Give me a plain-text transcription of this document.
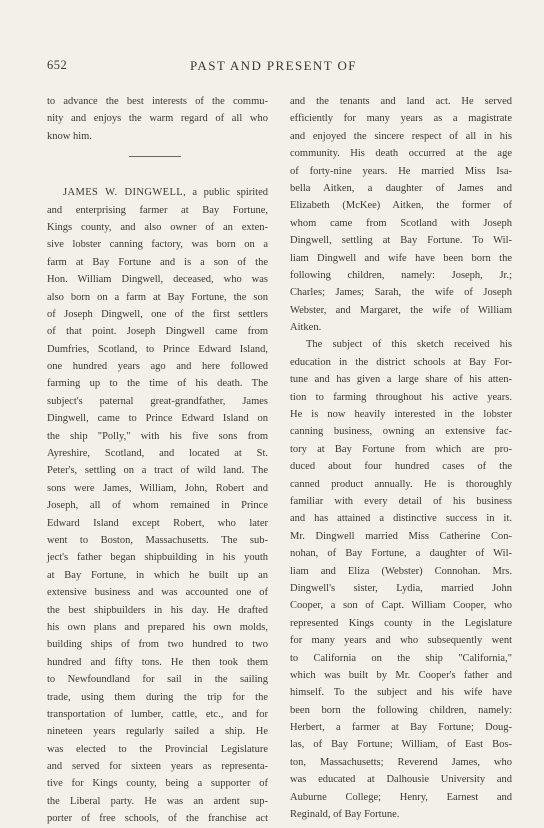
652	PAST AND PRESENT OF
to advance the best interests of the commu-
nity and enjoys the warm regard of all who
know him.
JAMES W. DINGWELL, a public spirited
and enterprising farmer at Bay Fortune,
Kings county, and also owner of an exten-
sive lobster canning factory, was born on a
farm at Bay Fortune and is a son of the
Hon. William Dingwell, deceased, who was
also born on a farm at Bay Fortune, the son
of Joseph Dingwell, one of the first settlers
of that point. Joseph Dingwell came from
Dumfries, Scotland, to Prince Edward Island,
one hundred years ago and here followed
farming up to the time of his death. The
subject's paternal great-grandfather, James
Dingwell, came to Prince Edward Island on
the ship "Polly," with his five sons from
Ayreshire, Scotland, and located at St.
Peter's, settling on a tract of wild land. The
sons were James, William, John, Robert and
Joseph, all of whom remained in Prince
Edward Island except Robert, who later
went to Boston, Massachusetts. The sub-
ject's father began shipbuilding in his youth
at Bay Fortune, in which he built up an
extensive business and was accounted one of
the best shipbuilders in his day. He drafted
his own plans and prepared his own molds,
building ships of from two hundred to two
hundred and fifty tons. He then took them
to Newfoundland for sail in the sailing
trade, using them during the trip for the
transportation of lumber, cattle, etc., and for
nineteen years regularly sailed a ship. He
was elected to the Provincial Legislature
and served for sixteen years as representa-
tive for Kings county, being a supporter of
the Liberal party. He was an ardent sup-
porter of free schools, of the franchise act
and the tenants and land act. He served
efficiently for many years as a magistrate
and enjoyed the sincere respect of all in his
community. His death occurred at the age
of forty-nine years. He married Miss Isa-
bella Aitken, a daughter of James and
Elizabeth (McKee) Aitken, the former of
whom came from Scotland with Joseph
Dingwell, settling at Bay Fortune. To Wil-
liam Dingwell and wife have been born the
following children, namely: Joseph, Jr.;
Charles; James; Sarah, the wife of Joseph
Webster, and Margaret, the wife of William
Aitken.
The subject of this sketch received his
education in the district schools at Bay For-
tune and has given a large share of his atten-
tion to farming throughout his active years.
He is now heavily interested in the lobster
canning business, owning an extensive fac-
tory at Bay Fortune from which are pro-
duced about four hundred cases of the
canned product annually. He is thoroughly
familiar with every detail of his business
and has attained a distinctive success in it.
Mr. Dingwell married Miss Catherine Con-
nohan, of Bay Fortune, a daughter of Wil-
liam and Eliza (Webster) Connohan. Mrs.
Dingwell's sister, Lydia, married John
Cooper, a son of Capt. William Cooper, who
represented Kings county in the Legislature
for many years and who subsequently went
to California on the ship "California,"
which was built by Mr. Cooper's father and
himself. To the subject and his wife have
been born the following children, namely:
Herbert, a farmer at Bay Fortune; Doug-
las, of Bay Fortune; William, of East Bos-
ton, Massachusetts; Reverend James, who
was educated at Dalhousie University and
Auburne College; Henry, Earnest and
Reginald, of Bay Fortune.
